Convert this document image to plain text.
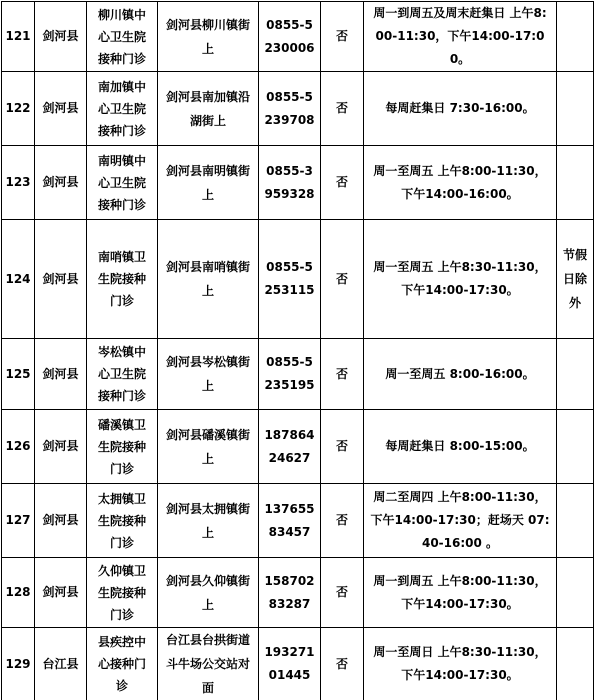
121	剑河县	柳川镇中心卫生院接种门诊	剑河县柳川镇街上	0855-5230006	否	周一到周五及周末赶集日 上午8:00-11:30，下午14:00-17:00。	
122	剑河县	南加镇中心卫生院接种门诊	剑河县南加镇沿湖街上	0855-5239708	否	每周赶集日 7:30-16:00。	
123	剑河县	南明镇中心卫生院接种门诊	剑河县南明镇街上	0855-3959328	否	周一至周五 上午8:00-11:30，下午14:00-16:00。	
124	剑河县	南哨镇卫生院接种门诊	剑河县南哨镇街上	0855-5253115	否	周一至周五 上午8:30-11:30，下午14:00-17:30。	节假日除外
125	剑河县	岑松镇中心卫生院接种门诊	剑河县岑松镇街上	0855-5235195	否	周一至周五 8:00-16:00。	
126	剑河县	磻溪镇卫生院接种门诊	剑河县磻溪镇街上	18786424627	否	每周赶集日 8:00-15:00。	
127	剑河县	太拥镇卫生院接种门诊	剑河县太拥镇街上	13765583457	否	周二至周四 上午8:00-11:30，下午14:00-17:30；赶场天 07:40-16:00 。	
128	剑河县	久仰镇卫生院接种门诊	剑河县久仰镇街上	15870283287	否	周一到周五 上午8:00-11:30，下午14:00-17:30。	
129	台江县	县疾控中心接种门诊	台江县台拱街道斗牛场公交站对面	19327101445	否	周一至周日 上午8:30-11:30，下午14:00-17:30。	
